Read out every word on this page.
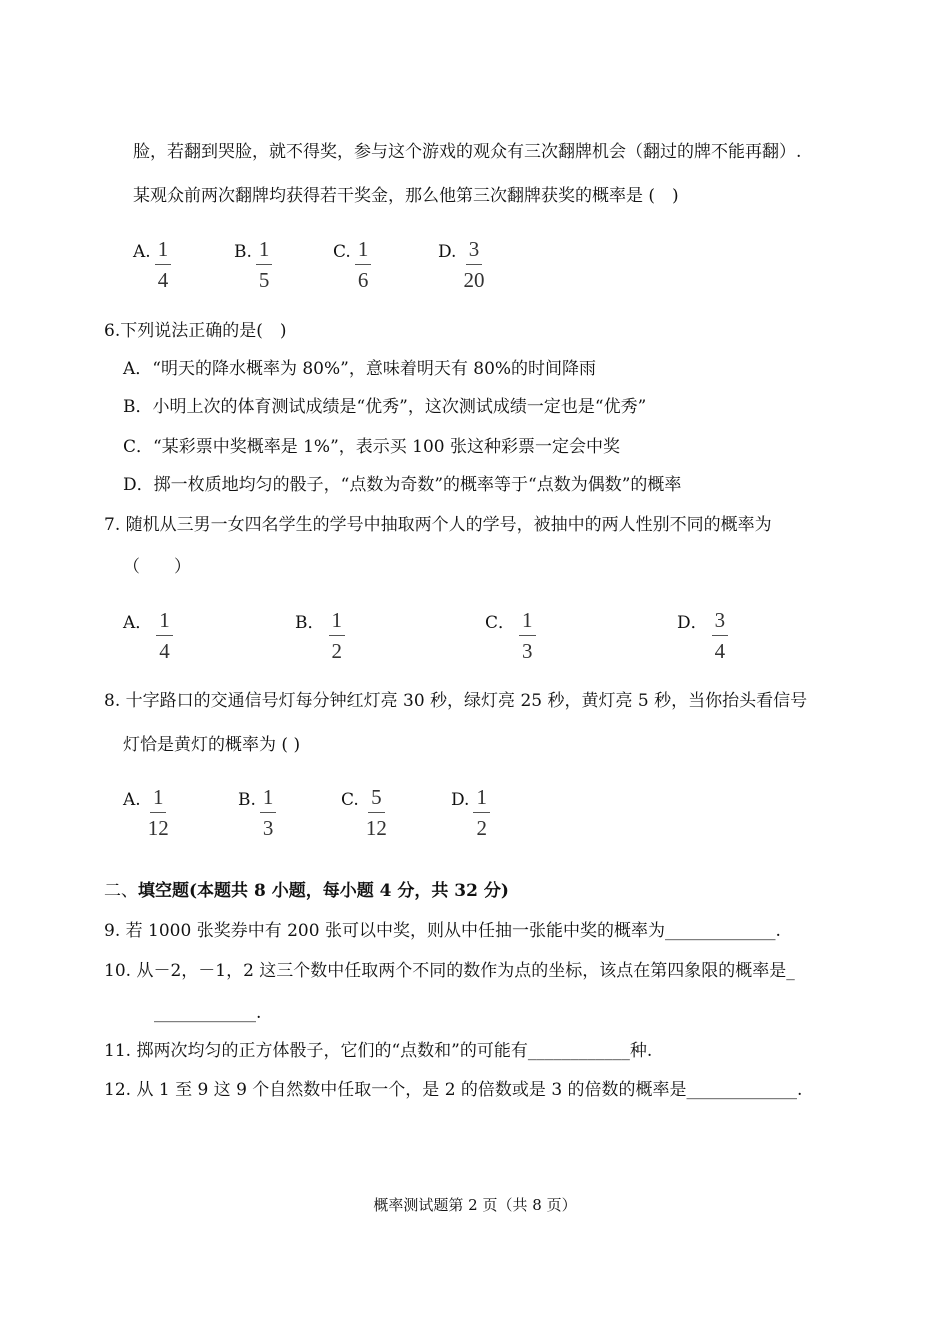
脸，若翻到哭脸，就不得奖，参与这个游戏的观众有三次翻牌机会（翻过的牌不能再翻）.
某观众前两次翻牌均获得若干奖金，那么他第三次翻牌获奖的概率是 (　)
A. $\frac{1}{4}$	B. $\frac{1}{5}$	C. $\frac{1}{6}$	D. $\frac{3}{20}$
6.下列说法正确的是(　)
A．“明天的降水概率为 80%”，意味着明天有 80%的时间降雨
B．小明上次的体育测试成绩是“优秀”，这次测试成绩一定也是“优秀”
C．“某彩票中奖概率是 1%”，表示买 100 张这种彩票一定会中奖
D．掷一枚质地均匀的骰子，“点数为奇数”的概率等于“点数为偶数”的概率
7. 随机从三男一女四名学生的学号中抽取两个人的学号，被抽中的两人性别不同的概率为
（　　）
A． $\frac{1}{4}$	B． $\frac{1}{2}$	C． $\frac{1}{3}$	D． $\frac{3}{4}$
8. 十字路口的交通信号灯每分钟红灯亮 30 秒，绿灯亮 25 秒，黄灯亮 5 秒，当你抬头看信号
灯恰是黄灯的概率为 ( )
A. $\frac{1}{12}$	B. $\frac{1}{3}$	C. $\frac{5}{12}$	D. $\frac{1}{2}$
二、填空题(本题共 8 小题，每小题 4 分，共 32 分)
9. 若 1000 张奖券中有 200 张可以中奖，则从中任抽一张能中奖的概率为_____________.
10. 从－2，－1，2 这三个数中任取两个不同的数作为点的坐标，该点在第四象限的概率是_
____________.
11. 掷两次均匀的正方体骰子，它们的“点数和”的可能有____________种.
12. 从 1 至 9 这 9 个自然数中任取一个，是 2 的倍数或是 3 的倍数的概率是_____________.
概率测试题第 2 页（共 8 页）
